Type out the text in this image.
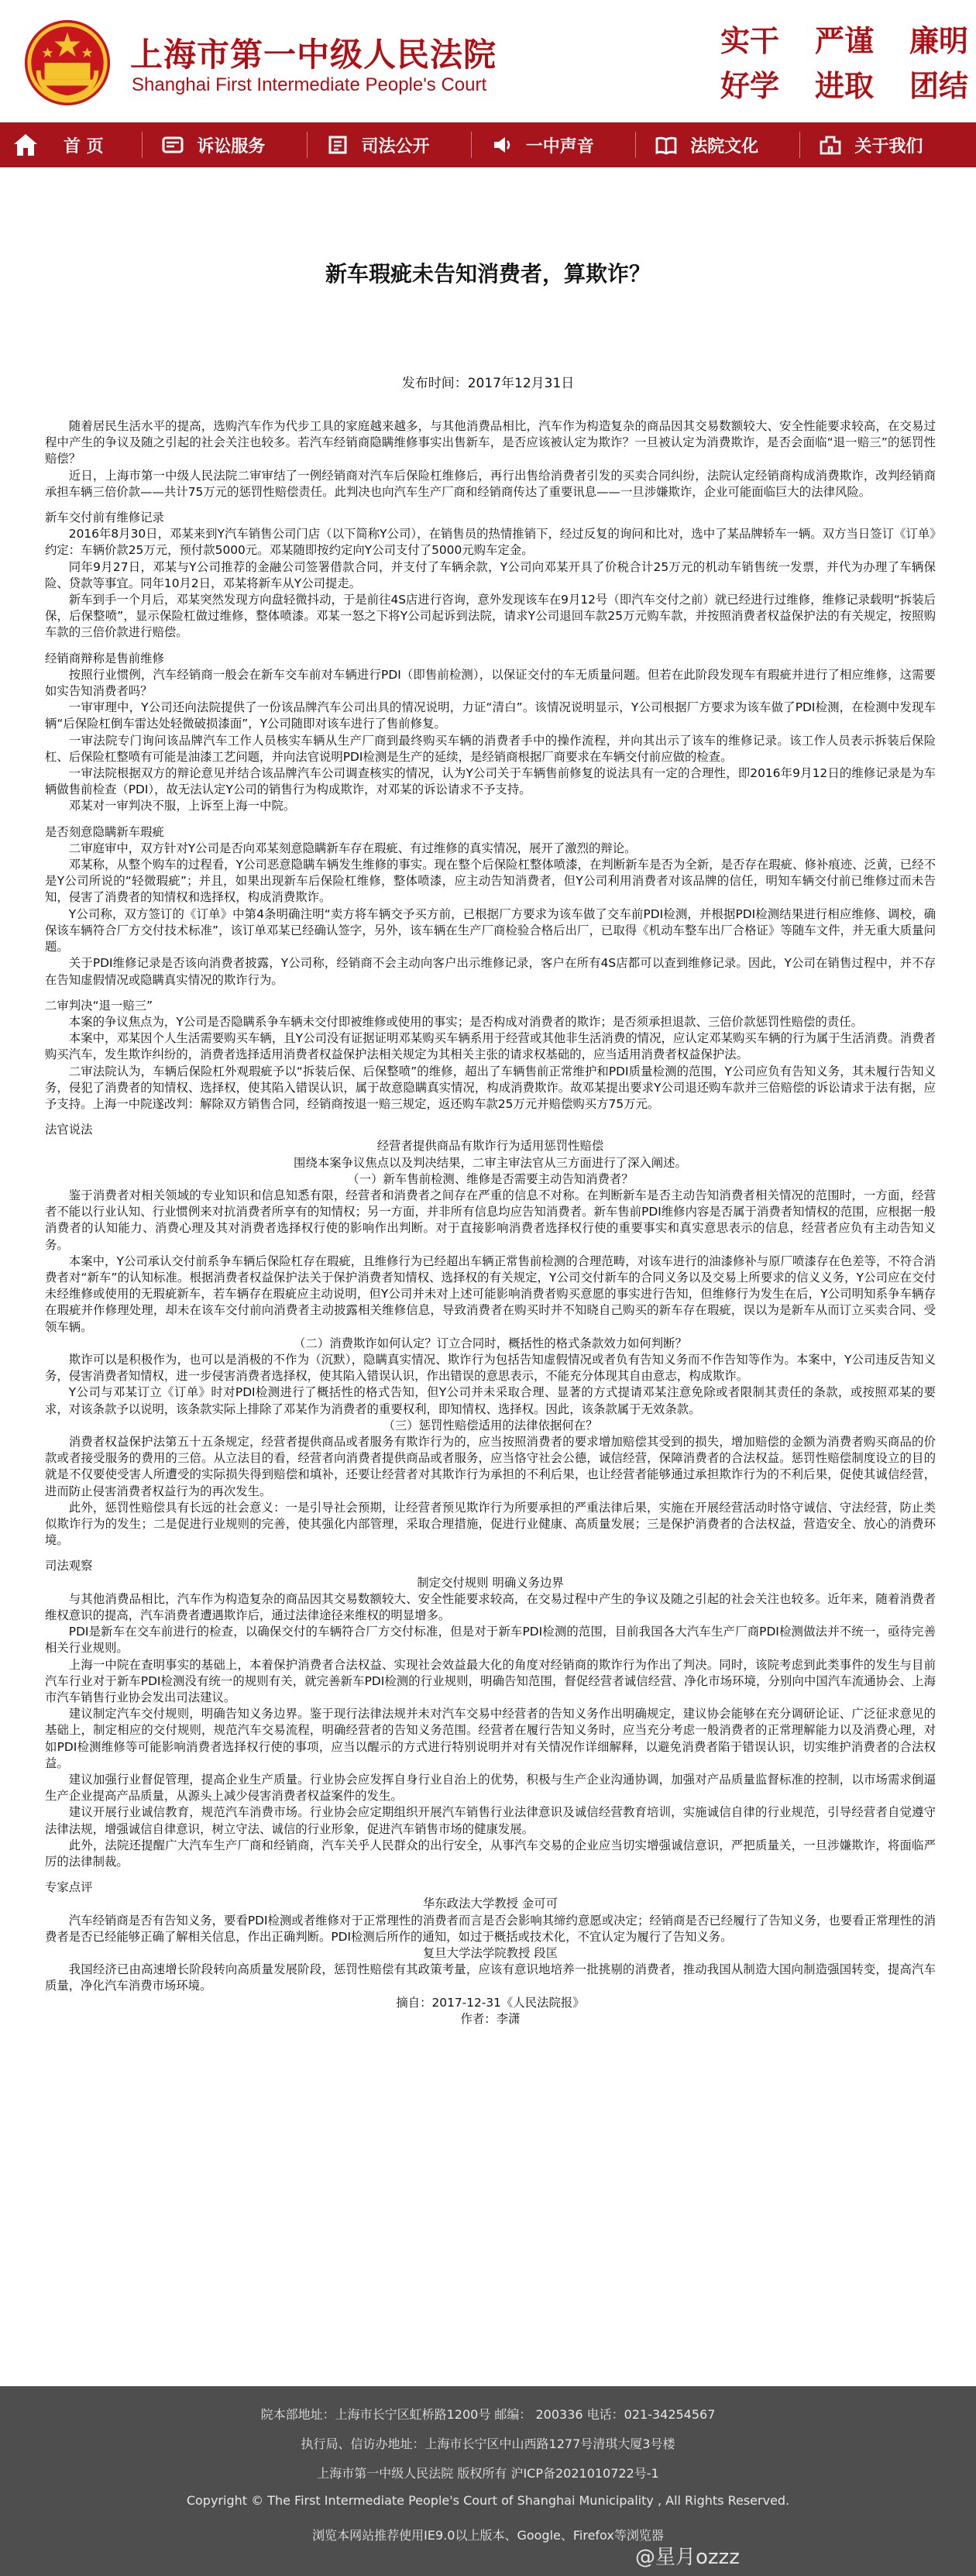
上海市第一中级人民法院
Shanghai First Intermediate People's Court
实干 严谨 廉明
好学 进取 团结
首 页	诉讼服务	司法公开	一中声音	法院文化	关于我们
新车瑕疵未告知消费者，算欺诈？
发布时间：2017年12月31日

随着居民生活水平的提高，选购汽车作为代步工具的家庭越来越多，与其他消费品相比，汽车作为构造复杂的商品因其交易数额较大、安全性能要求较高，在交易过程中产生的争议及随之引起的社会关注也较多。若汽车经销商隐瞒维修事实出售新车，是否应该被认定为欺诈？一旦被认定为消费欺诈，是否会面临“退一赔三”的惩罚性赔偿？

近日，上海市第一中级人民法院二审审结了一例经销商对汽车后保险杠维修后，再行出售给消费者引发的买卖合同纠纷，法院认定经销商构成消费欺诈，改判经销商承担车辆三倍价款——共计75万元的惩罚性赔偿责任。此判决也向汽车生产厂商和经销商传达了重要讯息——一旦涉嫌欺诈，企业可能面临巨大的法律风险。

新车交付前有维修记录

2016年8月30日，邓某来到Y汽车销售公司门店（以下简称Y公司），在销售员的热情推销下，经过反复的询问和比对，选中了某品牌轿车一辆。双方当日签订《订单》约定：车辆价款25万元，预付款5000元。邓某随即按约定向Y公司支付了5000元购车定金。

同年9月27日，邓某与Y公司推荐的金融公司签署借款合同，并支付了车辆余款，Y公司向邓某开具了价税合计25万元的机动车销售统一发票，并代为办理了车辆保险、贷款等事宜。同年10月2日，邓某将新车从Y公司提走。

新车到手一个月后，邓某突然发现方向盘轻微抖动，于是前往4S店进行咨询，意外发现该车在9月12号（即汽车交付之前）就已经进行过维修，维修记录载明“拆装后保，后保整喷”，显示保险杠做过维修，整体喷漆。邓某一怒之下将Y公司起诉到法院，请求Y公司退回车款25万元购车款，并按照消费者权益保护法的有关规定，按照购车款的三倍价款进行赔偿。

经销商辩称是售前维修

按照行业惯例，汽车经销商一般会在新车交车前对车辆进行PDI（即售前检测），以保证交付的车无质量问题。但若在此阶段发现车有瑕疵并进行了相应维修，这需要如实告知消费者吗？

一审审理中，Y公司还向法院提供了一份该品牌汽车公司出具的情况说明，力证“清白”。该情况说明显示，Y公司根据厂方要求为该车做了PDI检测，在检测中发现车辆“后保险杠倒车雷达处轻微破损漆面”，Y公司随即对该车进行了售前修复。

一审法院专门询问该品牌汽车工作人员核实车辆从生产厂商到最终购买车辆的消费者手中的操作流程，并向其出示了该车的维修记录。该工作人员表示拆装后保险杠、后保险杠整喷有可能是油漆工艺问题，并向法官说明PDI检测是生产的延续，是经销商根据厂商要求在车辆交付前应做的检查。

一审法院根据双方的辩论意见并结合该品牌汽车公司调查核实的情况，认为Y公司关于车辆售前修复的说法具有一定的合理性，即2016年9月12日的维修记录是为车辆做售前检查（PDI），故无法认定Y公司的销售行为构成欺诈，对邓某的诉讼请求不予支持。

邓某对一审判决不服，上诉至上海一中院。

是否刻意隐瞒新车瑕疵

二审庭审中，双方针对Y公司是否向邓某刻意隐瞒新车存在瑕疵、有过维修的真实情况，展开了激烈的辩论。

邓某称，从整个购车的过程看，Y公司恶意隐瞒车辆发生维修的事实。现在整个后保险杠整体喷漆，在判断新车是否为全新，是否存在瑕疵、修补痕迹、泛黄，已经不是Y公司所说的“轻微瑕疵”；并且，如果出现新车后保险杠维修，整体喷漆，应主动告知消费者，但Y公司利用消费者对该品牌的信任，明知车辆交付前已维修过而未告知，侵害了消费者的知情权和选择权，构成消费欺诈。

Y公司称，双方签订的《订单》中第4条明确注明“卖方将车辆交予买方前，已根据厂方要求为该车做了交车前PDI检测，并根据PDI检测结果进行相应维修、调校，确保该车辆符合厂方交付技术标准”，该订单邓某已经确认签字，另外，该车辆在生产厂商检验合格后出厂，已取得《机动车整车出厂合格证》等随车文件，并无重大质量问题。

关于PDI维修记录是否该向消费者披露，Y公司称，经销商不会主动向客户出示维修记录，客户在所有4S店都可以查到维修记录。因此，Y公司在销售过程中，并不存在告知虚假情况或隐瞒真实情况的欺诈行为。

二审判决“退一赔三”

本案的争议焦点为，Y公司是否隐瞒系争车辆未交付即被维修或使用的事实；是否构成对消费者的欺诈；是否须承担退款、三倍价款惩罚性赔偿的责任。

本案中，邓某因个人生活需要购买车辆，且Y公司没有证据证明邓某购买车辆系用于经营或其他非生活消费的情况，应认定邓某购买车辆的行为属于生活消费。消费者购买汽车，发生欺诈纠纷的，消费者选择适用消费者权益保护法相关规定为其相关主张的请求权基础的，应当适用消费者权益保护法。

二审法院认为，车辆后保险杠外观瑕疵予以“拆装后保、后保整喷”的维修，超出了车辆售前正常维护和PDI质量检测的范围，Y公司应负有告知义务，其未履行告知义务，侵犯了消费者的知情权、选择权，使其陷入错误认识，属于故意隐瞒真实情况，构成消费欺诈。故邓某提出要求Y公司退还购车款并三倍赔偿的诉讼请求于法有据，应予支持。上海一中院遂改判：解除双方销售合同，经销商按退一赔三规定，返还购车款25万元并赔偿购买方75万元。

法官说法

经营者提供商品有欺诈行为适用惩罚性赔偿

围绕本案争议焦点以及判决结果，二审主审法官从三方面进行了深入阐述。

（一）新车售前检测、维修是否需要主动告知消费者？

鉴于消费者对相关领域的专业知识和信息知悉有限，经营者和消费者之间存在严重的信息不对称。在判断新车是否主动告知消费者相关情况的范围时，一方面，经营者不能以行业认知、行业惯例来对抗消费者所享有的知情权；另一方面，并非所有信息均应告知消费者。新车售前PDI维修内容是否属于消费者知情权的范围，应根据一般消费者的认知能力、消费心理及其对消费者选择权行使的影响作出判断。对于直接影响消费者选择权行使的重要事实和真实意思表示的信息，经营者应负有主动告知义务。

本案中，Y公司承认交付前系争车辆后保险杠存在瑕疵，且维修行为已经超出车辆正常售前检测的合理范畴，对该车进行的油漆修补与原厂喷漆存在色差等，不符合消费者对“新车”的认知标准。根据消费者权益保护法关于保护消费者知情权、选择权的有关规定，Y公司交付新车的合同义务以及交易上所要求的信义义务，Y公司应在交付未经维修或使用的无瑕疵新车，若车辆存在瑕疵应主动说明，但Y公司并未对上述可能影响消费者购买意愿的事实进行告知，但维修行为发生在后，Y公司明知系争车辆存在瑕疵并作修理处理，却未在该车交付前向消费者主动披露相关维修信息，导致消费者在购买时并不知晓自己购买的新车存在瑕疵，误以为是新车从而订立买卖合同、受领车辆。

（二）消费欺诈如何认定？订立合同时，概括性的格式条款效力如何判断？

欺诈可以是积极作为，也可以是消极的不作为（沉默），隐瞒真实情况、欺诈行为包括告知虚假情况或者负有告知义务而不作告知等作为。本案中，Y公司违反告知义务，侵害消费者知情权，进一步侵害消费者选择权，使其陷入错误认识，作出错误的意思表示，不能充分体现其自由意志，构成欺诈。

Y公司与邓某订立《订单》时对PDI检测进行了概括性的格式告知，但Y公司并未采取合理、显著的方式提请邓某注意免除或者限制其责任的条款，或按照邓某的要求，对该条款予以说明，该条款实际上排除了邓某作为消费者的重要权利，即知情权、选择权。因此，该条款属于无效条款。

（三）惩罚性赔偿适用的法律依据何在？

消费者权益保护法第五十五条规定，经营者提供商品或者服务有欺诈行为的，应当按照消费者的要求增加赔偿其受到的损失，增加赔偿的金额为消费者购买商品的价款或者接受服务的费用的三倍。从立法目的看，经营者向消费者提供商品或者服务，应当恪守社会公德，诚信经营，保障消费者的合法权益。惩罚性赔偿制度设立的目的就是不仅要使受害人所遭受的实际损失得到赔偿和填补，还要让经营者对其欺诈行为承担的不利后果，也让经营者能够通过承担欺诈行为的不利后果，促使其诚信经营，进而防止侵害消费者权益行为的再次发生。

此外，惩罚性赔偿具有长远的社会意义：一是引导社会预期，让经营者预见欺诈行为所要承担的严重法律后果，实施在开展经营活动时恪守诚信、守法经营，防止类似欺诈行为的发生；二是促进行业规则的完善，使其强化内部管理，采取合理措施，促进行业健康、高质量发展；三是保护消费者的合法权益，营造安全、放心的消费环境。

司法观察

制定交付规则 明确义务边界

与其他消费品相比，汽车作为构造复杂的商品因其交易数额较大、安全性能要求较高，在交易过程中产生的争议及随之引起的社会关注也较多。近年来，随着消费者维权意识的提高，汽车消费者遭遇欺诈后，通过法律途径来维权的明显增多。

PDI是新车在交车前进行的检查，以确保交付的车辆符合厂方交付标准，但是对于新车PDI检测的范围，目前我国各大汽车生产厂商PDI检测做法并不统一，亟待完善相关行业规则。

上海一中院在查明事实的基础上，本着保护消费者合法权益、实现社会效益最大化的角度对经销商的欺诈行为作出了判决。同时，该院考虑到此类事件的发生与目前汽车行业对于新车PDI检测没有统一的规则有关，就完善新车PDI检测的行业规则，明确告知范围，督促经营者诚信经营、净化市场环境，分别向中国汽车流通协会、上海市汽车销售行业协会发出司法建议。

建议制定汽车交付规则，明确告知义务边界。鉴于现行法律法规并未对汽车交易中经营者的告知义务作出明确规定，建议协会能够在充分调研论证、广泛征求意见的基础上，制定相应的交付规则，规范汽车交易流程，明确经营者的告知义务范围。经营者在履行告知义务时，应当充分考虑一般消费者的正常理解能力以及消费心理，对如PDI检测维修等可能影响消费者选择权行使的事项，应当以醒示的方式进行特别说明并对有关情况作详细解释，以避免消费者陷于错误认识，切实维护消费者的合法权益。

建议加强行业督促管理，提高企业生产质量。行业协会应发挥自身行业自治上的优势，积极与生产企业沟通协调，加强对产品质量监督标准的控制，以市场需求倒逼生产企业提高产品质量，从源头上减少侵害消费者权益案件的发生。

建议开展行业诚信教育，规范汽车消费市场。行业协会应定期组织开展汽车销售行业法律意识及诚信经营教育培训，实施诚信自律的行业规范，引导经营者自觉遵守法律法规，增强诚信自律意识，树立守法、诚信的行业形象，促进汽车销售市场的健康发展。

此外，法院还提醒广大汽车生产厂商和经销商，汽车关乎人民群众的出行安全，从事汽车交易的企业应当切实增强诚信意识，严把质量关，一旦涉嫌欺诈，将面临严厉的法律制裁。

专家点评

华东政法大学教授 金可可

汽车经销商是否有告知义务，要看PDI检测或者维修对于正常理性的消费者而言是否会影响其缔约意愿或决定；经销商是否已经履行了告知义务，也要看正常理性的消费者是否已经能够正确了解相关信息，作出正确判断。PDI检测后所作的通知，如过于概括或技术化，不宜认定为履行了告知义务。

复旦大学法学院教授 段匡

我国经济已由高速增长阶段转向高质量发展阶段，惩罚性赔偿有其政策考量，应该有意识地培养一批挑剔的消费者，推动我国从制造大国向制造强国转变，提高汽车质量，净化汽车消费市场环境。

摘自：2017-12-31《人民法院报》

作者：李潇

院本部地址：上海市长宁区虹桥路1200号 邮编： 200336 电话：021-34254567
执行局、信访办地址：上海市长宁区中山西路1277号清琪大厦3号楼
上海市第一中级人民法院 版权所有 沪ICP备2021010722号-1
Copyright © The First Intermediate People's Court of Shanghai Municipality , All Rights Reserved.
浏览本网站推荐使用IE9.0以上版本、Google、Firefox等浏览器
@星月ozzz
